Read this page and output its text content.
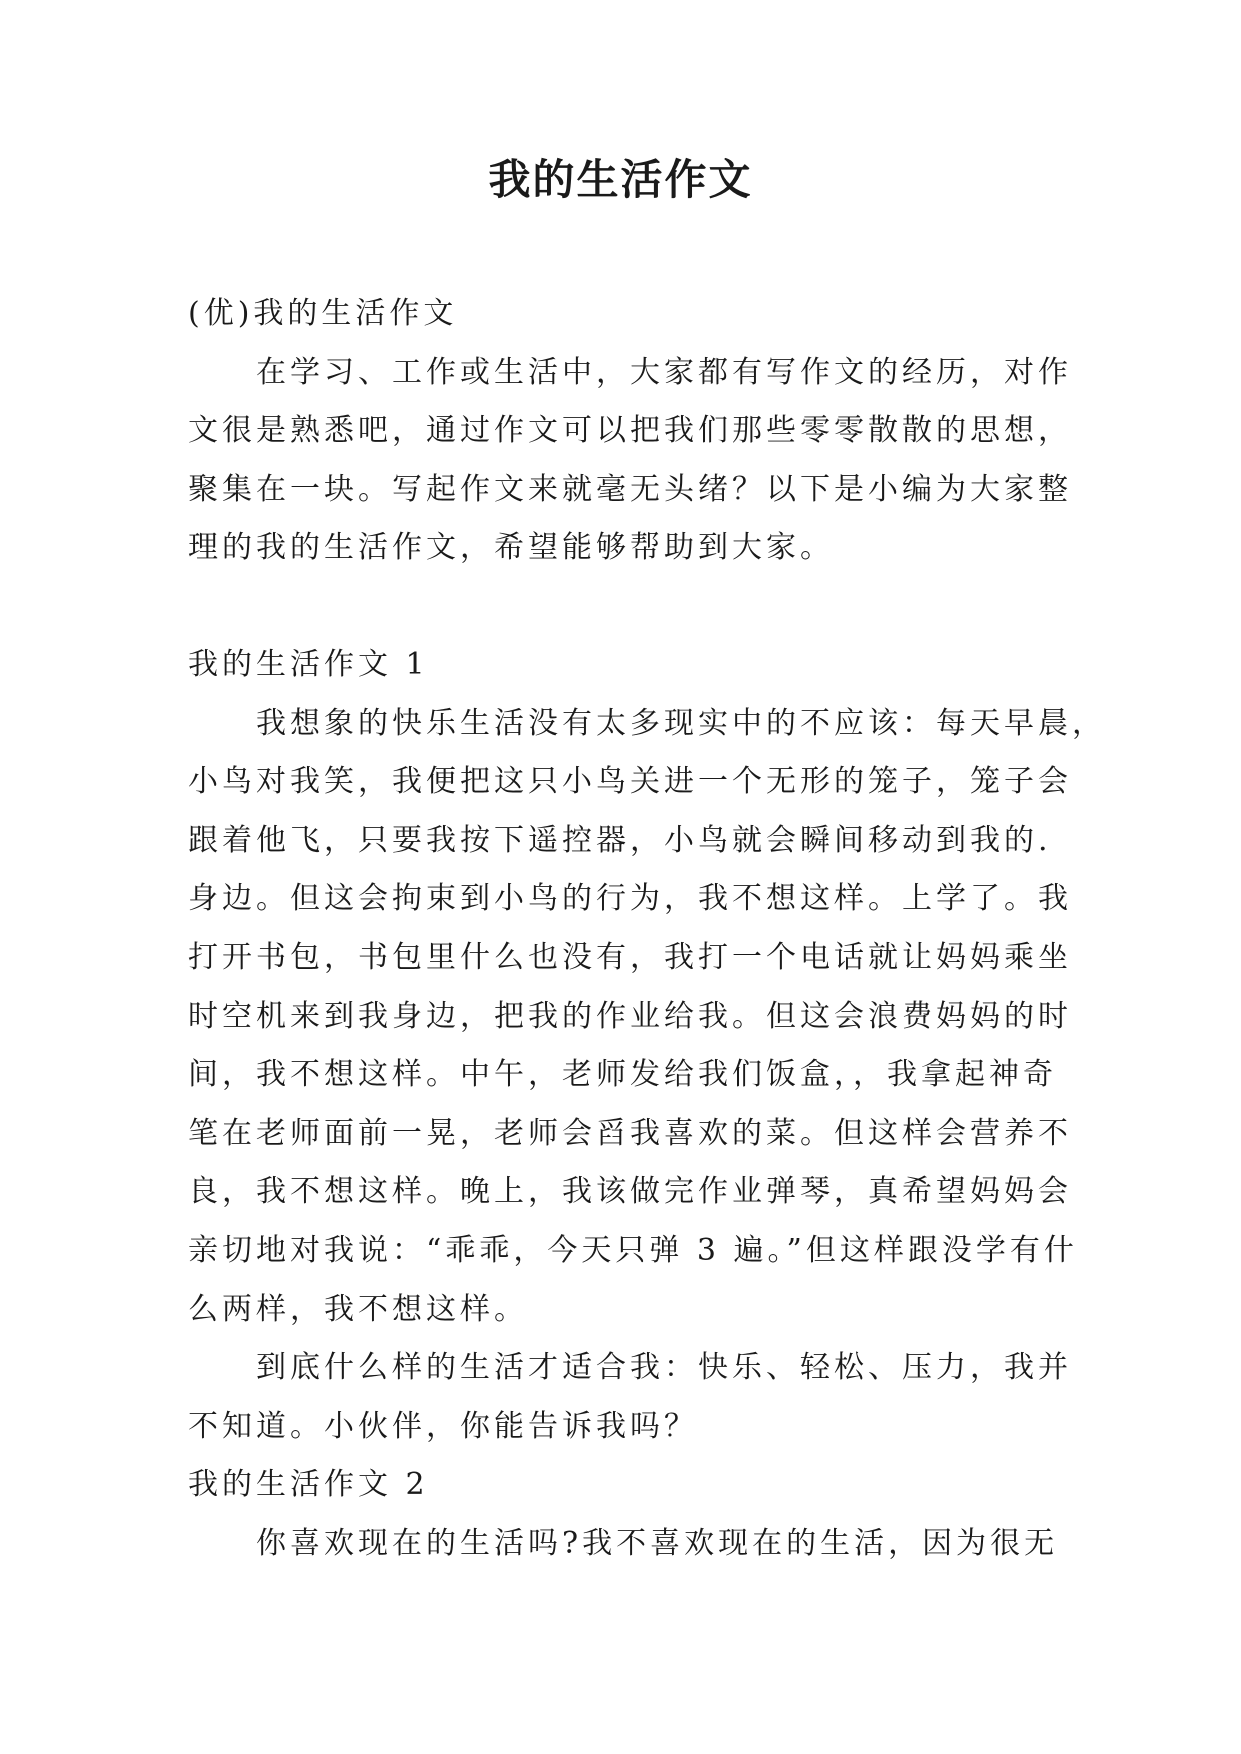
我的生活作文
(优)我的生活作文
在学习、工作或生活中，大家都有写作文的经历，对作
文很是熟悉吧，通过作文可以把我们那些零零散散的思想，
聚集在一块。写起作文来就毫无头绪？以下是小编为大家整
理的我的生活作文，希望能够帮助到大家。
我的生活作文 1
我想象的快乐生活没有太多现实中的不应该：每天早晨，
小鸟对我笑，我便把这只小鸟关进一个无形的笼子，笼子会
跟着他飞，只要我按下遥控器，小鸟就会瞬间移动到我的.
身边。但这会拘束到小鸟的行为，我不想这样。上学了。我
打开书包，书包里什么也没有，我打一个电话就让妈妈乘坐
时空机来到我身边，把我的作业给我。但这会浪费妈妈的时
间，我不想这样。中午，老师发给我们饭盒，，我拿起神奇
笔在老师面前一晃，老师会舀我喜欢的菜。但这样会营养不
良，我不想这样。晚上，我该做完作业弹琴，真希望妈妈会
亲切地对我说：“乖乖，今天只弹 3 遍。”但这样跟没学有什
么两样，我不想这样。
到底什么样的生活才适合我：快乐、轻松、压力，我并
不知道。小伙伴，你能告诉我吗？
我的生活作文 2
你喜欢现在的生活吗?我不喜欢现在的生活，因为很无
